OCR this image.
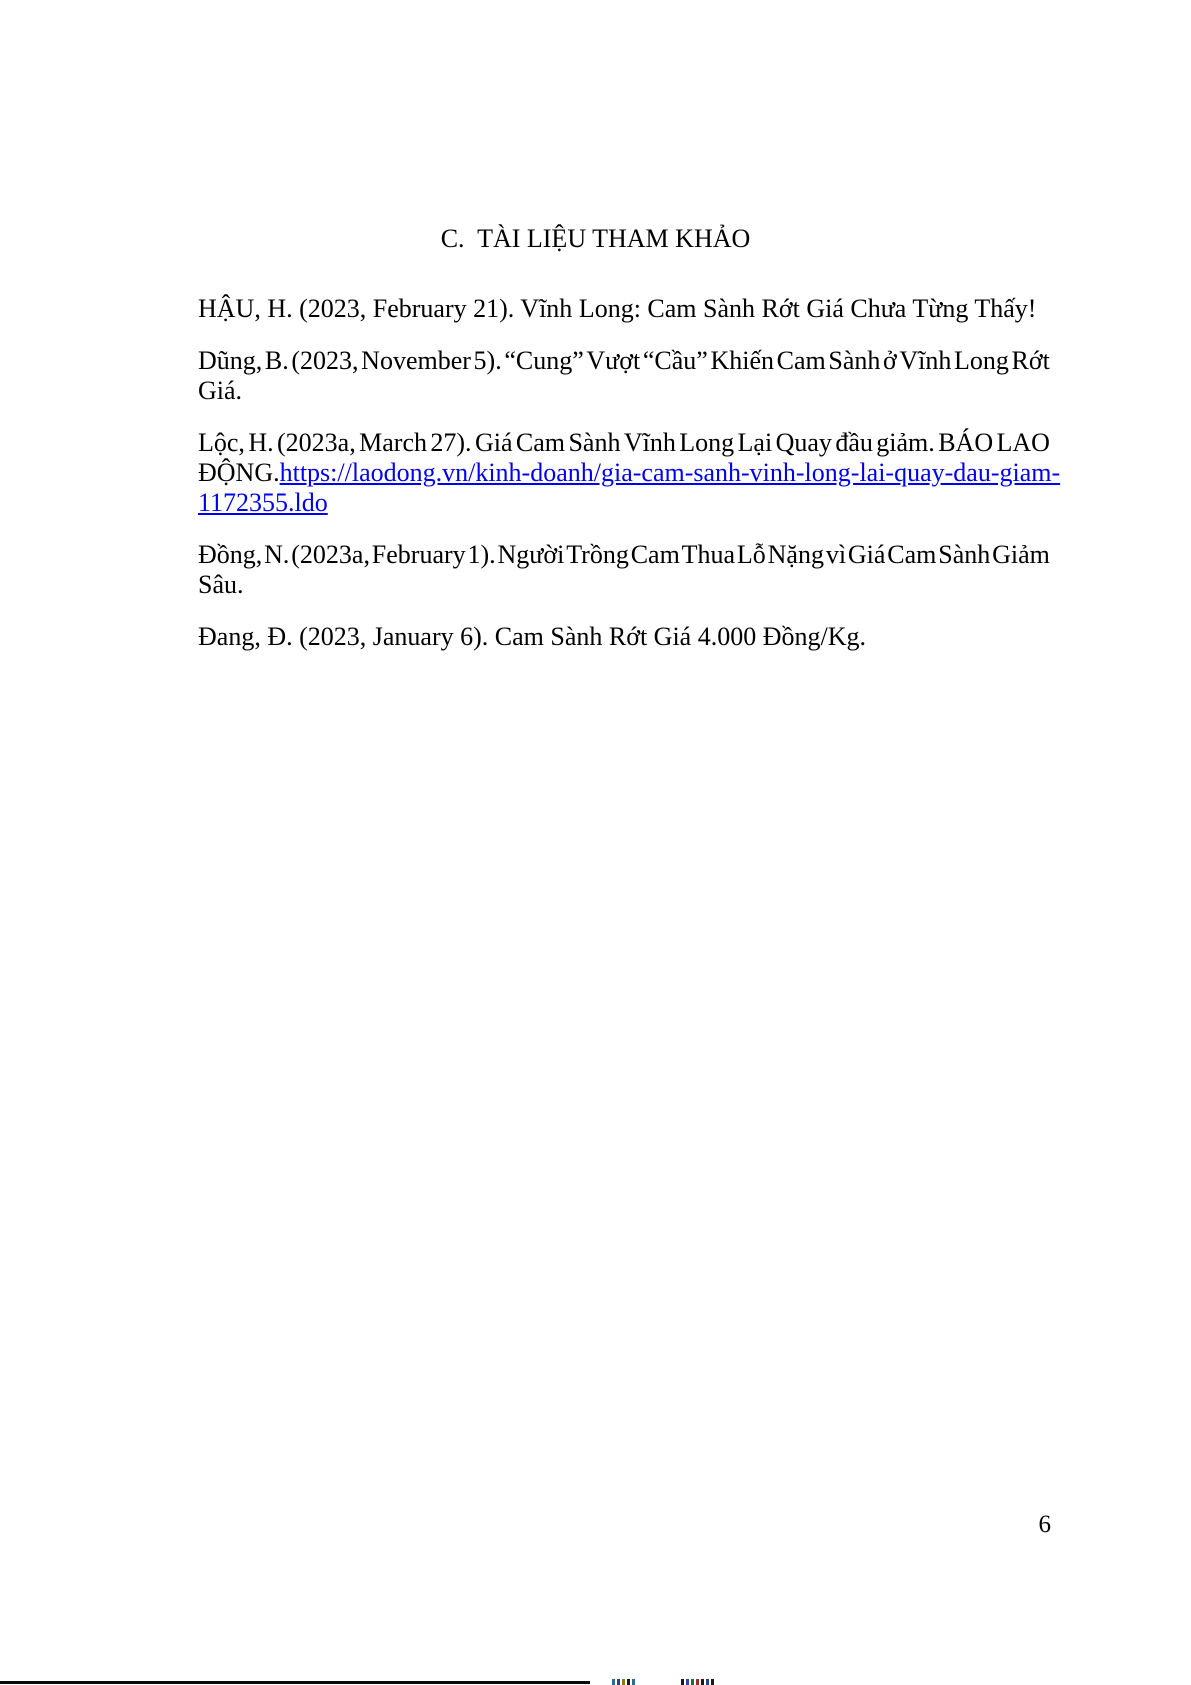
C.  TÀI LIỆU THAM KHẢO
HẬU, H. (2023, February 21). Vĩnh Long: Cam Sành Rớt Giá Chưa Từng Thấy!
Dũng, B. (2023, November 5). “Cung” Vượt “Cầu” Khiến Cam Sành ở Vĩnh Long Rớt
Giá.
Lộc, H. (2023a, March 27). Giá Cam Sành Vĩnh Long Lại Quay đầu giảm. BÁO LAO
ĐỘNG. https://laodong.vn/kinh-doanh/gia-cam-sanh-vinh-long-lai-quay-dau-giam-
1172355.ldo
Đồng, N. (2023a, February 1). Người Trồng Cam Thua Lỗ Nặng vì Giá Cam Sành Giảm
Sâu.
Đang, Đ. (2023, January 6). Cam Sành Rớt Giá 4.000 Đồng/Kg.
6
